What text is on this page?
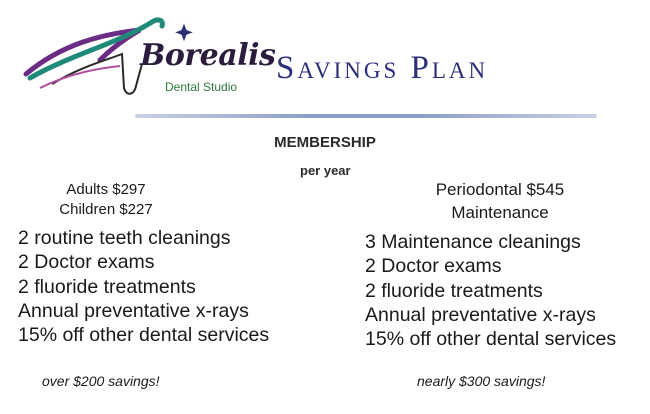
Borealis
Dental Studio
Savings Plan
MEMBERSHIP
per year
Adults $297
Children $227
2 routine teeth cleanings
2 Doctor exams
2 fluoride treatments
Annual preventative x-rays
15% off other dental services
Periodontal $545
Maintenance
3 Maintenance cleanings
2 Doctor exams
2 fluoride treatments
Annual preventative x-rays
15% off other dental services
over $200 savings!	nearly $300 savings!
